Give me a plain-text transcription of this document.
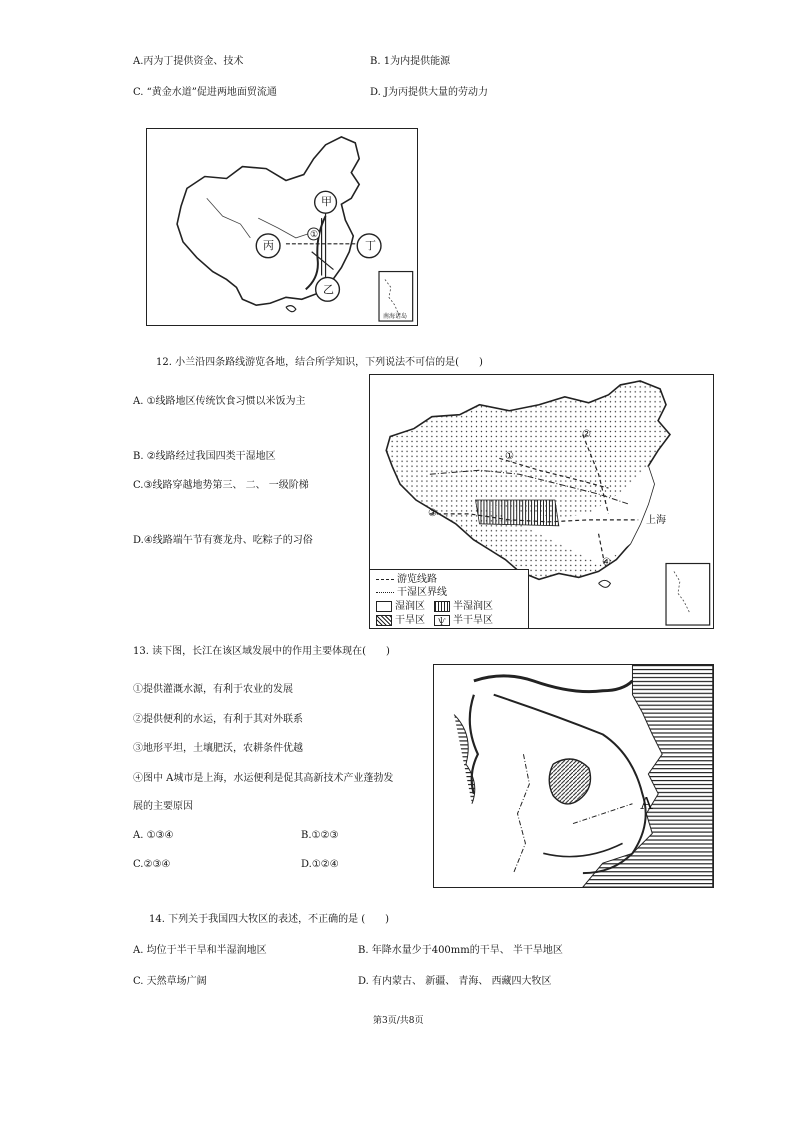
A.丙为丁提供资金、技术	B. 1为内提供能源
C. “黄金水道”促进两地面贸流通	D. J为丙提供大量的劳动力
甲
丙	丁
乙
①
南海诸岛
12. 小兰沿四条路线游览各地，结合所学知识，下列说法不可信的是(　　)
A. ①线路地区传统饮食习惯以米饭为主
B. ②线路经过我国四类干湿地区
C.③线路穿越地势第三、 二、 一级阶梯
D.④线路端午节有赛龙舟、吃粽子的习俗
①
②
③
④
上海
游览线路
干湿区界线
湿润区	半湿润区
干旱区	ѱ 半干旱区
13. 读下图，长江在该区域发展中的作用主要体现在(　　)
①提供灌溉水源，有利于农业的发展
②提供便利的水运，有利于其对外联系
③地形平坦，土壤肥沃，农耕条件优越
④图中 A城市是上海，水运便利是促其高新技术产业蓬勃发
展的主要原因
A. ①③④	B.①②③
C.②③④	D.①②④
A
14. 下列关于我国四大牧区的表述，不正确的是 (　　)
A. 均位于半干旱和半湿润地区	B. 年降水量少于400mm的干旱、 半干旱地区
C. 天然草场广阔	D. 有内蒙古、 新疆、 青海、 西藏四大牧区
第3页/共8页
